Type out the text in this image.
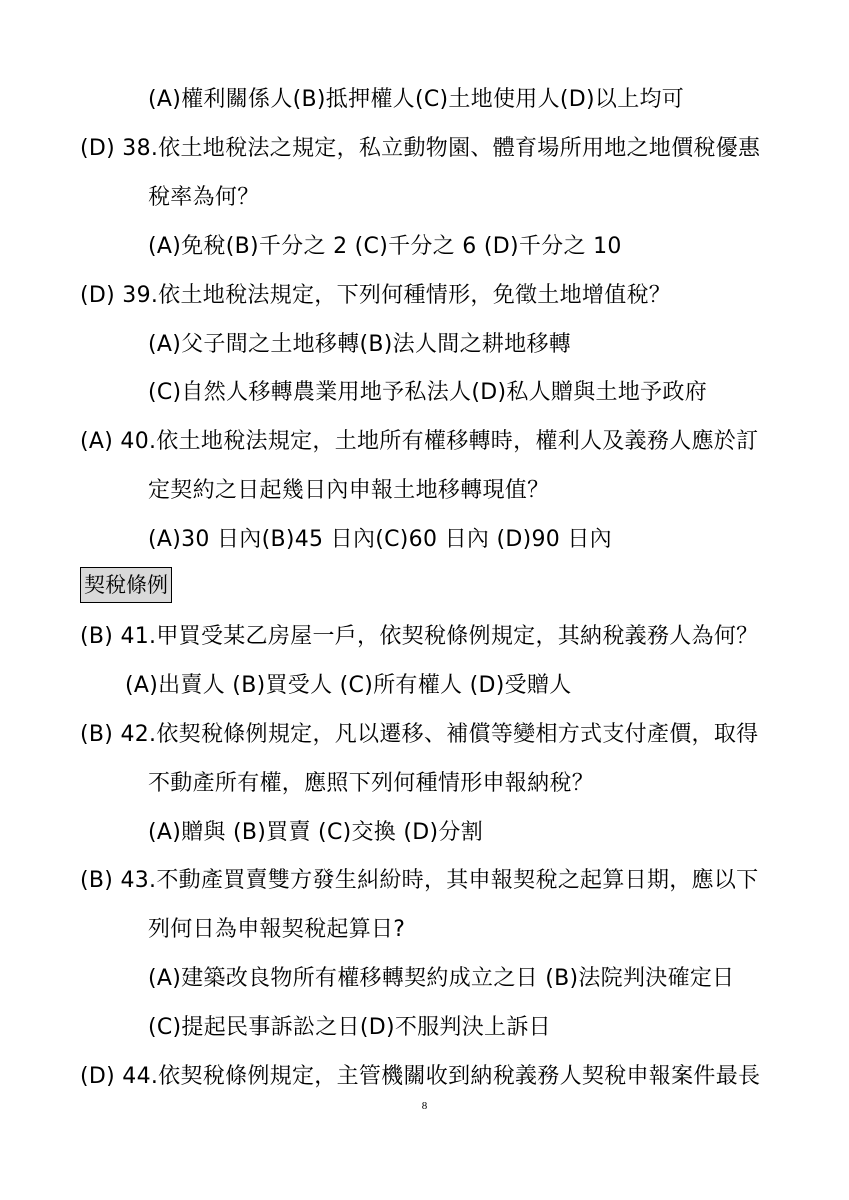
(A)權利關係人(B)抵押權人(C)土地使用人(D)以上均可
(D) 38.依土地稅法之規定，私立動物園、體育場所用地之地價稅優惠
稅率為何？
(A)免稅(B)千分之 2 (C)千分之 6 (D)千分之 10
(D) 39.依土地稅法規定，下列何種情形，免徵土地增值稅？
(A)父子間之土地移轉(B)法人間之耕地移轉
(C)自然人移轉農業用地予私法人(D)私人贈與土地予政府
(A) 40.依土地稅法規定，土地所有權移轉時，權利人及義務人應於訂
定契約之日起幾日內申報土地移轉現值？
(A)30 日內(B)45 日內(C)60 日內 (D)90 日內
契稅條例
(B) 41.甲買受某乙房屋一戶，依契稅條例規定，其納稅義務人為何？
(A)出賣人 (B)買受人 (C)所有權人 (D)受贈人
(B) 42.依契稅條例規定，凡以遷移、補償等變相方式支付產價，取得
不動產所有權，應照下列何種情形申報納稅？
(A)贈與 (B)買賣 (C)交換 (D)分割
(B) 43.不動產買賣雙方發生糾紛時，其申報契稅之起算日期，應以下
列何日為申報契稅起算日?
(A)建築改良物所有權移轉契約成立之日 (B)法院判決確定日
(C)提起民事訴訟之日(D)不服判決上訴日
(D) 44.依契稅條例規定，主管機關收到納稅義務人契稅申報案件最長
8
